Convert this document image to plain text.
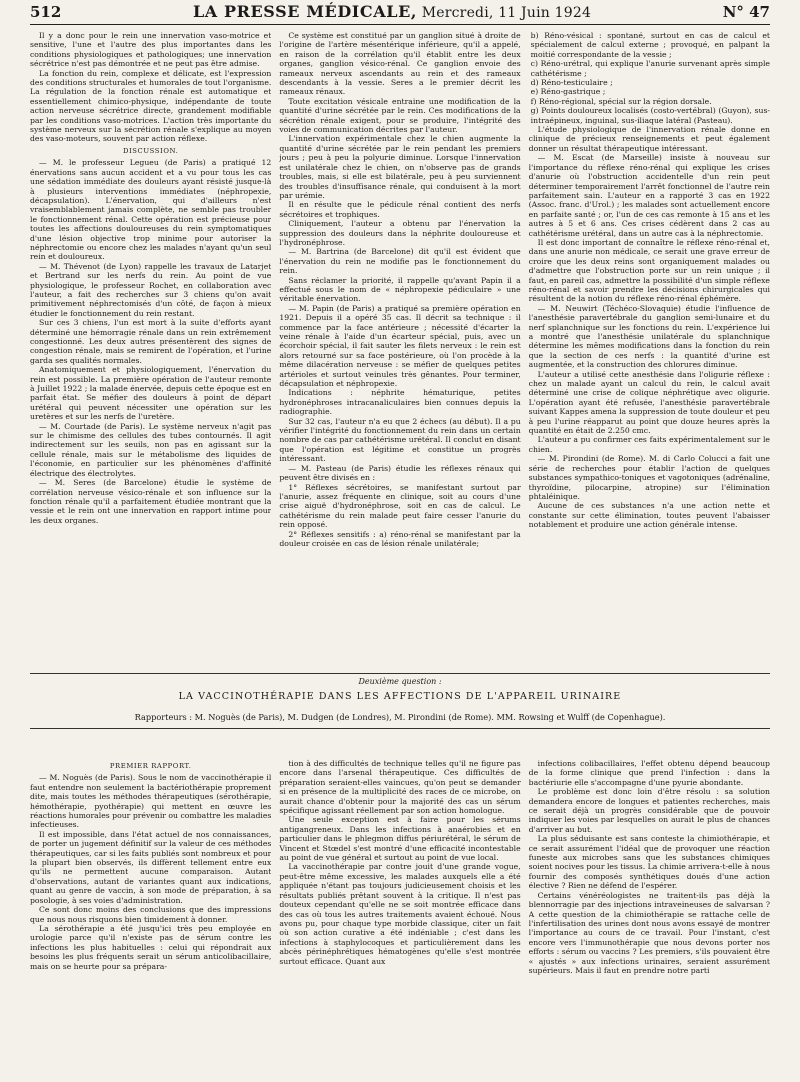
512	LA PRESSE MÉDICALE, Mercredi, 11 Juin 1924	N° 47

Il y a donc pour le rein une innervation vaso-motrice et sensitive, l'une et l'autre des plus importantes dans les conditions physiologiques et pathologiques; une innervation sécrétrice n'est pas démontrée et ne peut pas être admise.

La fonction du rein, complexe et délicate, est l'expression des conditions structurales et humorales de tout l'organisme. La régulation de la fonction rénale est automatique et essentiellement chimico-physique, indépendante de toute action nerveuse sécrétrice directe, grandement modifiable par les conditions vaso-motrices. L'action très importante du système nerveux sur la sécrétion rénale s'explique au moyen des vaso-moteurs, souvent par action réflexe.

DISCUSSION.

— M. le professeur Legueu (de Paris) a pratiqué 12 énervations sans aucun accident et a vu pour tous les cas une sédation immédiate des douleurs ayant résisté jusque-là à plusieurs interventions immédiates (néphropexie, décapsulation). L'énervation, qui d'ailleurs n'est vraisemblablement jamais complète, ne semble pas troubler le fonctionnement rénal. Cette opération est précieuse pour toutes les affections douloureuses du rein symptomatiques d'une lésion objective trop minime pour autoriser la néphrectomie ou encore chez les malades n'ayant qu'un seul rein et douloureux.

— M. Thévenot (de Lyon) rappelle les travaux de Latarjet et Bertrand sur les nerfs du rein. Au point de vue physiologique, le professeur Rochet, en collaboration avec l'auteur, a fait des recherches sur 3 chiens qu'on avait primitivement néphrectomisés d'un côté, de façon à mieux étudier le fonctionnement du rein restant.

Sur ces 3 chiens, l'un est mort à la suite d'efforts ayant déterminé une hémorragie rénale dans un rein extrêmement congestionné. Les deux autres présentèrent des signes de congestion rénale, mais se remirent de l'opération, et l'urine garda ses qualités normales.

Anatomiquement et physiologiquement, l'énervation du rein est possible. La première opération de l'auteur remonte à Juillet 1922 ; la malade énervée, depuis cette époque est en parfait état. Se méfier des douleurs à point de départ urétéral qui peuvent nécessiter une opération sur les uretères et sur les nerfs de l'uretère.

— M. Courtade (de Paris). Le système nerveux n'agit pas sur le chimisme des cellules des tubes contournés. Il agit indirectement sur les seuils, non pas en agissant sur la cellule rénale, mais sur le métabolisme des liquides de l'économie, en particulier sur les phénomènes d'affinité électrique des électrolytes.

— M. Seres (de Barcelone) étudie le système de corrélation nerveuse vésico-rénale et son influence sur la fonction rénale qu'il a parfaitement étudiée montrant que la vessie et le rein ont une innervation en rapport intime pour les deux organes.

Ce système est constitué par un ganglion situé à droite de l'origine de l'artère mésentérique inférieure, qu'il a appelé, en raison de la corrélation qu'il établit entre les deux organes, ganglion vésico-rénal. Ce ganglion envoie des rameaux nerveux ascendants au rein et des rameaux descendants à la vessie. Seres a le premier décrit les rameaux rénaux.

Toute excitation vésicale entraine une modification de la quantité d'urine sécrétée par le rein. Ces modifications de la sécrétion rénale exigent, pour se produire, l'intégrité des voies de communication décrites par l'auteur.

L'innervation expérimentale chez le chien augmente la quantité d'urine sécrétée par le rein pendant les premiers jours ; peu à peu la polyurie diminue. Lorsque l'innervation est unilatérale chez le chien, on n'observe pas de grands troubles, mais, si elle est bilatérale, peu à peu surviennent des troubles d'insuffisance rénale, qui conduisent à la mort par urémie.

Il en résulte que le pédicule rénal contient des nerfs sécrétoires et trophiques.

Cliniquement, l'auteur a obtenu par l'énervation la suppression des douleurs dans la néphrite douloureuse et l'hydronéphrose.

— M. Bartrina (de Barcelone) dit qu'il est évident que l'énervation du rein ne modifie pas le fonctionnement du rein.

Sans réclamer la priorité, il rappelle qu'avant Papin il a effectué sous le nom de « néphropexie pédiculaire » une véritable énervation.

— M. Papin (de Paris) a pratiqué sa première opération en 1921. Depuis il a opéré 35 cas. Il décrit sa technique : il commence par la face antérieure ; nécessité d'écarter la veine rénale à l'aide d'un écarteur spécial, puis, avec un écorchoir spécial, il fait sauter les filets nerveux : le rein est alors retourné sur sa face postérieure, où l'on procède à la même dilacération nerveuse : se méfier de quelques petites artérioles et surtout veinules très gênantes. Pour terminer, décapsulation et néphropexie.

Indications : néphrite hématurique, petites hydronéphroses intracanaliculaires bien connues depuis la radiographie.

Sur 32 cas, l'auteur n'a eu que 2 échecs (au début). Il a pu vérifier l'intégrité du fonctionnement du rein dans un certain nombre de cas par cathétérisme urétéral. Il conclut en disant que l'opération est légitime et constitue un progrès intéressant.

— M. Pasteau (de Paris) étudie les réflexes rénaux qui peuvent être divisés en :

1° Réflexes sécrétoires, se manifestant surtout par l'anurie, assez fréquente en clinique, soit au cours d'une crise aiguë d'hydronéphrose, soit en cas de calcul. Le cathétérisme du rein malade peut faire cesser l'anurie du rein opposé.

2° Réflexes sensitifs : a) réno-rénal se manifestant par la douleur croisée en cas de lésion rénale unilatérale;

b) Réno-vésical : spontané, surtout en cas de calcul et spécialement de calcul externe ; provoqué, en palpant la moitié correspondante de la vessie ;

c) Réno-urétral, qui explique l'anurie survenant après simple cathétérisme ;

d) Réno-testiculaire ;

e) Réno-gastrique ;

f) Réno-régional, spécial sur la région dorsale.

g) Points douloureux localisés (costo-vertébral) (Guyon), sus-intraépineux, inguinal, sus-iliaque latéral (Pasteau).

L'étude physiologique de l'innervation rénale donne en clinique de précieux renseignements et peut également donner un résultat thérapeutique intéressant.

— M. Escat (de Marseille) insiste à nouveau sur l'importance du réflexe réno-rénal qui explique les crises d'anurie où l'obstruction accidentelle d'un rein peut déterminer temporairement l'arrêt fonctionnel de l'autre rein parfaitement sain. L'auteur en a rapporté 3 cas en 1922 (Assoc. franc. d'Urol.) ; les malades sont actuellement encore en parfaite santé ; or, l'un de ces cas remonte à 15 ans et les autres à 5 et 6 ans. Ces crises cédèrent dans 2 cas au cathétérisme urétéral, dans un autre cas à la néphrectomie.

Il est donc important de connaître le réflexe réno-rénal et, dans une anurie non médicale, ce serait une grave erreur de croire que les deux reins sont organiquement malades ou d'admettre que l'obstruction porte sur un rein unique ; il faut, en pareil cas, admettre la possibilité d'un simple réflexe réno-rénal et savoir prendre les décisions chirurgicales qui résultent de la notion du réflexe réno-rénal éphémère.

— M. Neuwirt (Téchéco-Slovaquie) étudie l'influence de l'anesthésie paravertébrale du ganglion semi-lunaire et du nerf splanchnique sur les fonctions du rein. L'expérience lui a montré que l'anesthésie unilatérale du splanchnique détermine les mêmes modifications dans la fonction du rein que la section de ces nerfs : la quantité d'urine est augmentée, et la construction des chlorures diminue.

L'auteur a utilisé cette anesthésie dans l'oligurie réflexe : chez un malade ayant un calcul du rein, le calcul avait déterminé une crise de colique néphrétique avec oligurie. L'opération ayant été refusée, l'anesthésie paravertébrale suivant Kappes amena la suppression de toute douleur et peu à peu l'urine réapparut au point que douze heures après la quantité en était de 2.250 cmc.

L'auteur a pu confirmer ces faits expérimentalement sur le chien.

— M. Pirondini (de Rome). M. di Carlo Colucci a fait une série de recherches pour établir l'action de quelques substances sympathico-toniques et vagotoniques (adrénaline, thyroïdine, pilocarpine, atropine) sur l'élimination phtaléinique.

Aucune de ces substances n'a une action nette et constante sur cette élimination, toutes peuvent l'abaisser notablement et produire une action générale intense.

Deuxième question :
LA VACCINOTHÉRAPIE DANS LES AFFECTIONS DE L'APPAREIL URINAIRE
Rapporteurs : M. Noguès (de Paris), M. Dudgen (de Londres), M. Pirondini (de Rome). MM. Rowsing et Wulff (de Copenhague).

PREMIER RAPPORT.

— M. Noguès (de Paris). Sous le nom de vaccinothérapie il faut entendre non seulement la bactériothérapie proprement dite, mais toutes les méthodes thérapeutiques (sérothérapie, hémothérapie, pyothérapie) qui mettent en œuvre les réactions humorales pour prévenir ou combattre les maladies infectieuses.

Il est impossible, dans l'état actuel de nos connaissances, de porter un jugement définitif sur la valeur de ces méthodes thérapeutiques, car si les faits publiés sont nombreux et pour la plupart bien observés, ils diffèrent tellement entre eux qu'ils ne permettent aucune comparaison. Autant d'observations, autant de variantes quant aux indications, quant au genre de vaccin, à son mode de préparation, à sa posologie, à ses voies d'administration.

Ce sont donc moins des conclusions que des impressions que nous nous risquons bien timidement à donner.

La sérothérapie a été jusqu'ici très peu employée en urologie parce qu'il n'existe pas de sérum contre les infections les plus habituelles : celui qui répondrait aux besoins les plus fréquents serait un sérum anticolibacillaire, mais on se heurte pour sa prépara-

tion à des difficultés de technique telles qu'il ne figure pas encore dans l'arsenal thérapeutique. Ces difficultés de préparation seraient-elles vaincues, qu'on peut se demander si en présence de la multiplicité des races de ce microbe, on aurait chance d'obtenir pour la majorité des cas un sérum spécifique agissant réellement par son action homologue.

Une seule exception est à faire pour les sérums antigangreneux. Dans les infections à anaérobies et en particulier dans le phlegmon diffus périurétéral, le sérum de Vincent et Stœdel s'est montré d'une efficacité incontestable au point de vue général et surtout au point de vue local.

La vaccinothérapie par contre jouit d'une grande vogue, peut-être même excessive, les malades auxquels elle a été appliquée n'étant pas toujours judicieusement choisis et les résultats publiés prêtant souvent à la critique. Il n'est pas douteux cependant qu'elle ne se soit montrée efficace dans des cas où tous les autres traitements avaient échoué. Nous avons pu, pour chaque type morbide classique, citer un fait où son action curative a été indéniable ; c'est dans les infections à staphylocoques et particulièrement dans les abcès périnéphrétiques hématogènes qu'elle s'est montrée surtout efficace. Quant aux

infections colibacillaires, l'effet obtenu dépend beaucoup de la forme clinique que prend l'infection : dans la bactériurie elle s'accompagne d'une pyurie abondante.

Le problème est donc loin d'être résolu : sa solution demandera encore de longues et patientes recherches, mais ce serait déjà un progrès considérable que de pouvoir indiquer les voies par lesquelles on aurait le plus de chances d'arriver au but.

La plus séduisante est sans conteste la chimiothérapie, et ce serait assurément l'idéal que de provoquer une réaction funeste aux microbes sans que les substances chimiques soient nocives pour les tissus. La chimie arrivera-t-elle à nous fournir des composés synthétiques doués d'une action élective ? Rien ne défend de l'espérer.

Certains vénéréologistes ne traitent-ils pas déjà la blennorragie par des injections intraveineuses de salvarsan ? A cette question de la chimiothérapie se rattache celle de l'infertilisation des urines dont nous avons essayé de montrer l'importance au cours de ce travail. Pour l'instant, c'est encore vers l'immunothérapie que nous devons porter nos efforts : sérum ou vaccins ? Les premiers, s'ils pouvaient être « ajustés » aux infections urinaires, seraient assurément supérieurs. Mais il faut en prendre notre parti
